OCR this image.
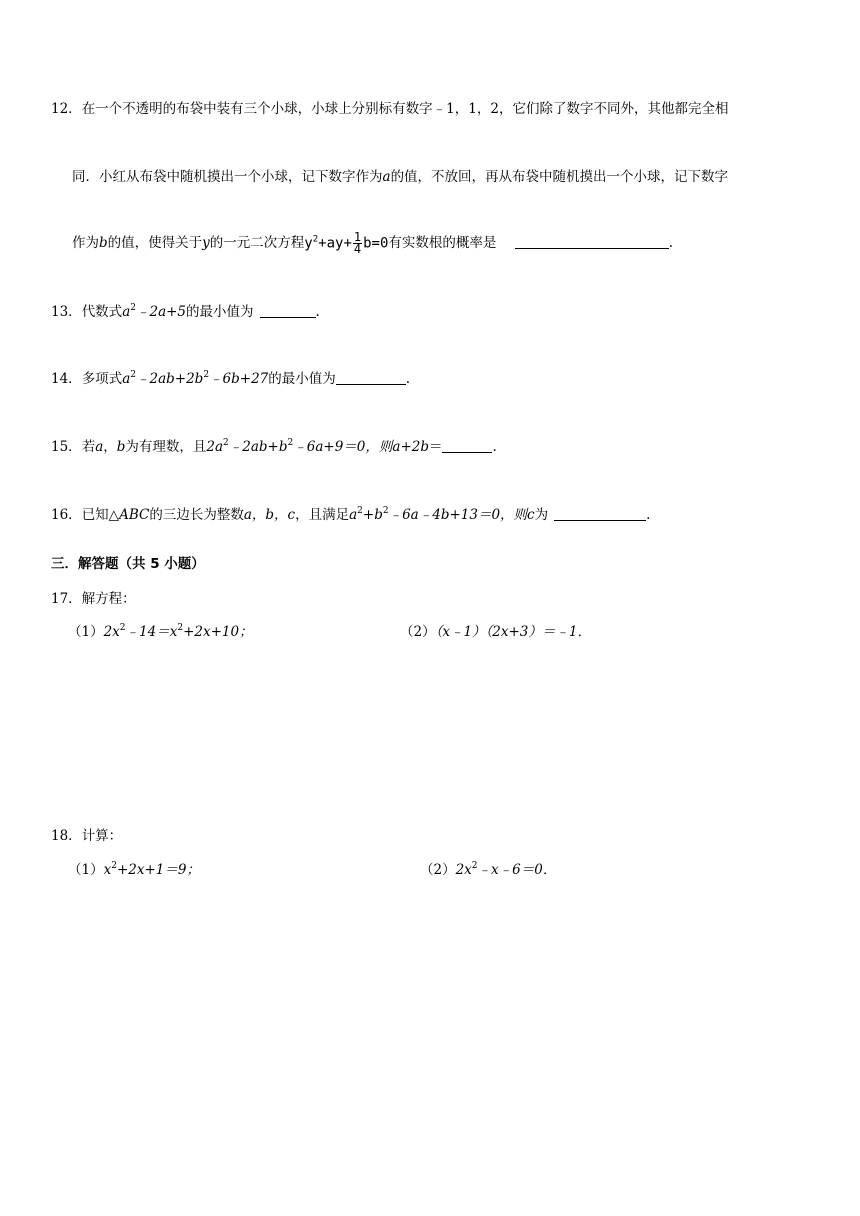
12．在一个不透明的布袋中装有三个小球，小球上分别标有数字﹣1，1，2，它们除了数字不同外，其他都完全相
同．小红从布袋中随机摸出一个小球，记下数字作为a的值，不放回，再从布袋中随机摸出一个小球，记下数字
作为b的值，使得关于y的一元二次方程$y^2+ay+ \frac{1}{4} b=0$有实数根的概率是	.
13．代数式$a^2﹣2a+5$的最小值为	.
14．多项式$a^2﹣2ab+2b^2﹣6b+27$的最小值为	.
15．若a，b为有理数，且$2a^2﹣2ab+b^2﹣6a+9=0$，则a+2b＝	.
16．已知△ABC的三边长为整数a，b，c，且满足$a^2+b^2﹣6a﹣4b+13=0$，则c为	.
三．解答题（共 5 小题）
17．解方程：
$(1)2x^2﹣14=x^2+2x+10$；	（2）（x﹣1）（2x+3）＝﹣1．
18．计算：
$(1)x^2+2x+1=9$；	$(2)2x^2﹣x﹣6=0$．
